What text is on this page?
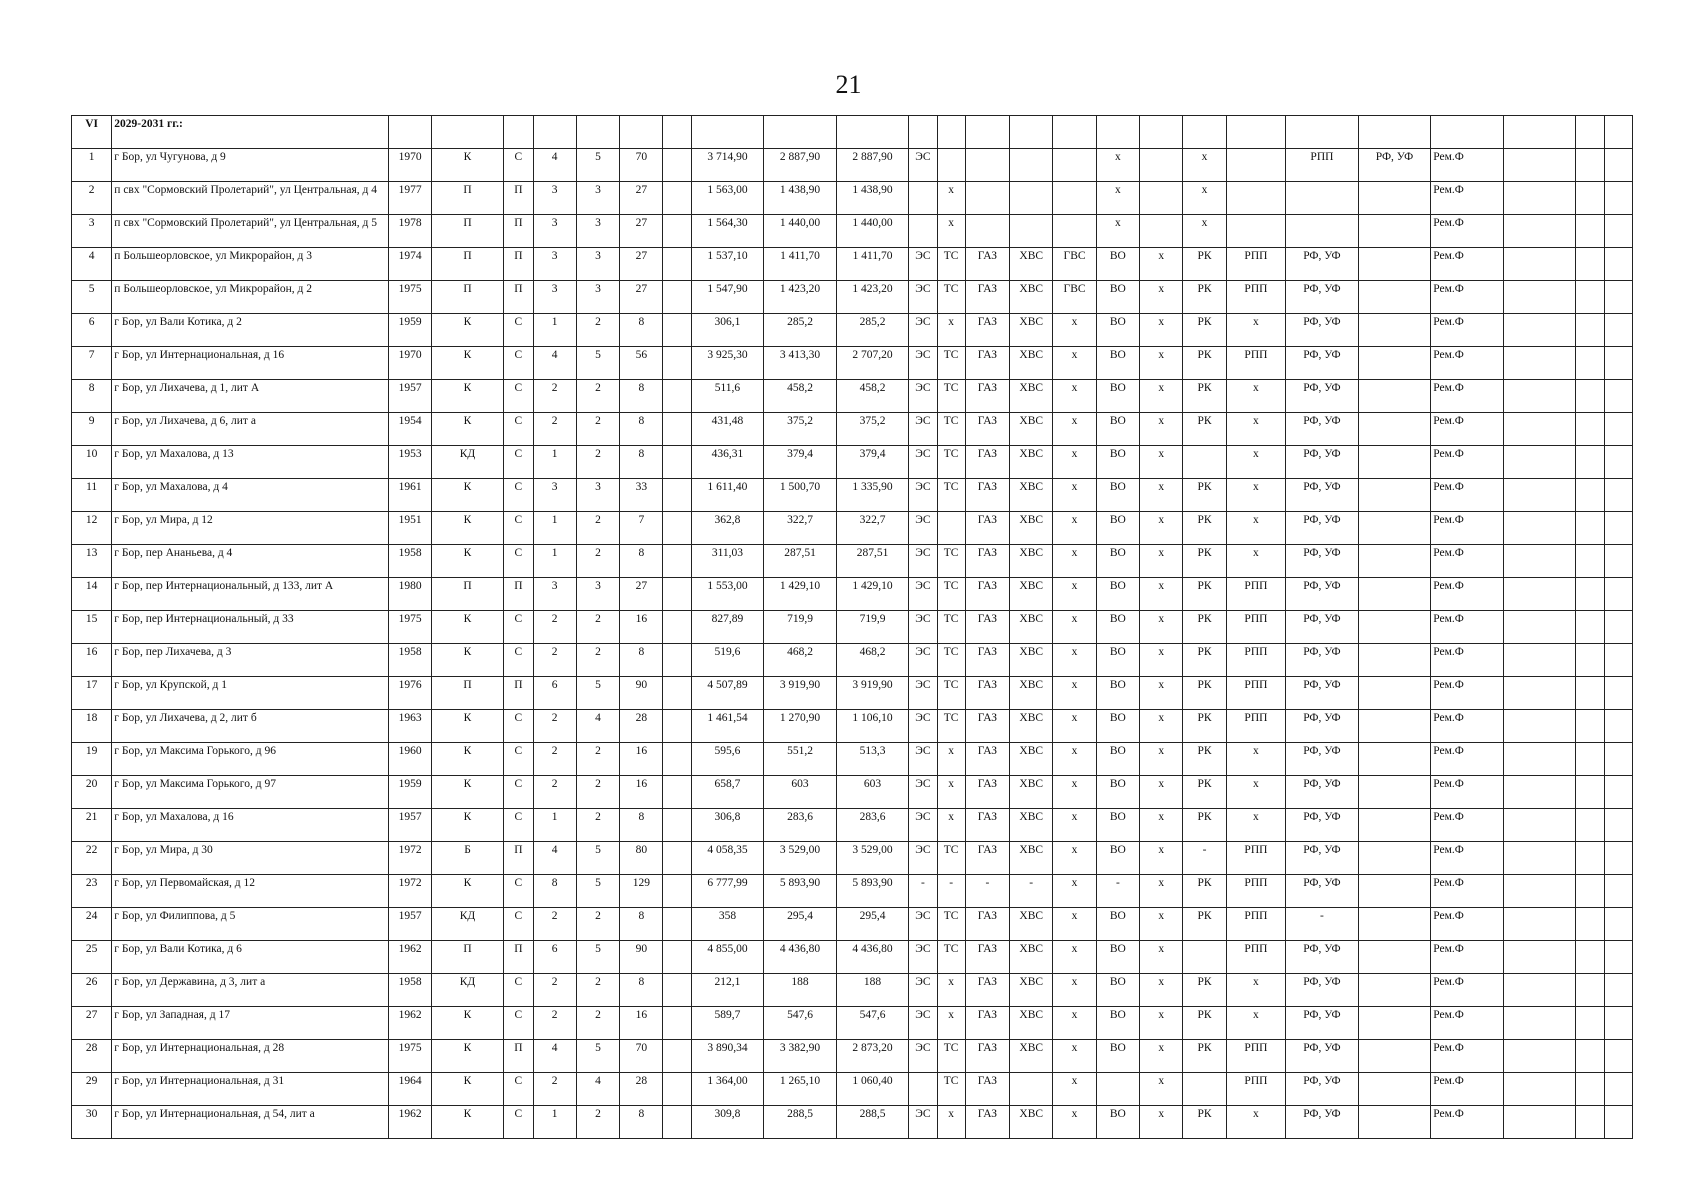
21
VI	2029-2031 гг.:																										
1	г Бор, ул Чугунова, д 9	1970	К	С	4	5	70		3 714,90	2 887,90	2 887,90	ЭС					х		х		РПП	РФ, УФ		Рем.Ф			
2	п свх "Сормовский Пролетарий", ул Центральная, д 4	1977	П	П	3	3	27		1 563,00	1 438,90	1 438,90		х				х		х					Рем.Ф			
3	п свх "Сормовский Пролетарий", ул Центральная, д 5	1978	П	П	3	3	27		1 564,30	1 440,00	1 440,00		х				х		х					Рем.Ф			
4	п Большеорловское, ул Микрорайон, д 3	1974	П	П	3	3	27		1 537,10	1 411,70	1 411,70	ЭС	ТС	ГАЗ	ХВС	ГВС	ВО	х	РК	РПП	РФ, УФ			Рем.Ф			
5	п Большеорловское, ул Микрорайон, д 2	1975	П	П	3	3	27		1 547,90	1 423,20	1 423,20	ЭС	ТС	ГАЗ	ХВС	ГВС	ВО	х	РК	РПП	РФ, УФ			Рем.Ф			
6	г Бор, ул Вали Котика, д 2	1959	К	С	1	2	8		306,1	285,2	285,2	ЭС	х	ГАЗ	ХВС	х	ВО	х	РК	х	РФ, УФ			Рем.Ф			
7	г Бор, ул Интернациональная, д 16	1970	К	С	4	5	56		3 925,30	3 413,30	2 707,20	ЭС	ТС	ГАЗ	ХВС	х	ВО	х	РК	РПП	РФ, УФ			Рем.Ф			
8	г Бор, ул Лихачева, д 1, лит А	1957	К	С	2	2	8		511,6	458,2	458,2	ЭС	ТС	ГАЗ	ХВС	х	ВО	х	РК	х	РФ, УФ			Рем.Ф			
9	г Бор, ул Лихачева, д 6, лит а	1954	К	С	2	2	8		431,48	375,2	375,2	ЭС	ТС	ГАЗ	ХВС	х	ВО	х	РК	х	РФ, УФ			Рем.Ф			
10	г Бор, ул Махалова, д 13	1953	КД	С	1	2	8		436,31	379,4	379,4	ЭС	ТС	ГАЗ	ХВС	х	ВО	х		х	РФ, УФ			Рем.Ф			
11	г Бор, ул Махалова, д 4	1961	К	С	3	3	33		1 611,40	1 500,70	1 335,90	ЭС	ТС	ГАЗ	ХВС	х	ВО	х	РК	х	РФ, УФ			Рем.Ф			
12	г Бор, ул Мира, д 12	1951	К	С	1	2	7		362,8	322,7	322,7	ЭС		ГАЗ	ХВС	х	ВО	х	РК	х	РФ, УФ			Рем.Ф			
13	г Бор, пер Ананьева, д 4	1958	К	С	1	2	8		311,03	287,51	287,51	ЭС	ТС	ГАЗ	ХВС	х	ВО	х	РК	х	РФ, УФ			Рем.Ф			
14	г Бор, пер Интернациональный, д 133, лит А	1980	П	П	3	3	27		1 553,00	1 429,10	1 429,10	ЭС	ТС	ГАЗ	ХВС	х	ВО	х	РК	РПП	РФ, УФ			Рем.Ф			
15	г Бор, пер Интернациональный, д 33	1975	К	С	2	2	16		827,89	719,9	719,9	ЭС	ТС	ГАЗ	ХВС	х	ВО	х	РК	РПП	РФ, УФ			Рем.Ф			
16	г Бор, пер Лихачева, д 3	1958	К	С	2	2	8		519,6	468,2	468,2	ЭС	ТС	ГАЗ	ХВС	х	ВО	х	РК	РПП	РФ, УФ			Рем.Ф			
17	г Бор, ул Крупской, д 1	1976	П	П	6	5	90		4 507,89	3 919,90	3 919,90	ЭС	ТС	ГАЗ	ХВС	х	ВО	х	РК	РПП	РФ, УФ			Рем.Ф			
18	г Бор, ул Лихачева, д 2, лит б	1963	К	С	2	4	28		1 461,54	1 270,90	1 106,10	ЭС	ТС	ГАЗ	ХВС	х	ВО	х	РК	РПП	РФ, УФ			Рем.Ф			
19	г Бор, ул Максима Горького, д 96	1960	К	С	2	2	16		595,6	551,2	513,3	ЭС	х	ГАЗ	ХВС	х	ВО	х	РК	х	РФ, УФ			Рем.Ф			
20	г Бор, ул Максима Горького, д 97	1959	К	С	2	2	16		658,7	603	603	ЭС	х	ГАЗ	ХВС	х	ВО	х	РК	х	РФ, УФ			Рем.Ф			
21	г Бор, ул Махалова, д 16	1957	К	С	1	2	8		306,8	283,6	283,6	ЭС	х	ГАЗ	ХВС	х	ВО	х	РК	х	РФ, УФ			Рем.Ф			
22	г Бор, ул Мира, д 30	1972	Б	П	4	5	80		4 058,35	3 529,00	3 529,00	ЭС	ТС	ГАЗ	ХВС	х	ВО	х	-	РПП	РФ, УФ			Рем.Ф			
23	г Бор, ул Первомайская, д 12	1972	К	С	8	5	129		6 777,99	5 893,90	5 893,90	-	-	-	-	х	-	х	РК	РПП	РФ, УФ			Рем.Ф			
24	г Бор, ул Филиппова, д 5	1957	КД	С	2	2	8		358	295,4	295,4	ЭС	ТС	ГАЗ	ХВС	х	ВО	х	РК	РПП	-			Рем.Ф			
25	г Бор, ул Вали Котика, д 6	1962	П	П	6	5	90		4 855,00	4 436,80	4 436,80	ЭС	ТС	ГАЗ	ХВС	х	ВО	х		РПП	РФ, УФ			Рем.Ф			
26	г Бор, ул Державина, д 3, лит а	1958	КД	С	2	2	8		212,1	188	188	ЭС	х	ГАЗ	ХВС	х	ВО	х	РК	х	РФ, УФ			Рем.Ф			
27	г Бор, ул Западная, д 17	1962	К	С	2	2	16		589,7	547,6	547,6	ЭС	х	ГАЗ	ХВС	х	ВО	х	РК	х	РФ, УФ			Рем.Ф			
28	г Бор, ул Интернациональная, д 28	1975	К	П	4	5	70		3 890,34	3 382,90	2 873,20	ЭС	ТС	ГАЗ	ХВС	х	ВО	х	РК	РПП	РФ, УФ			Рем.Ф			
29	г Бор, ул Интернациональная, д 31	1964	К	С	2	4	28		1 364,00	1 265,10	1 060,40		ТС	ГАЗ		х		х		РПП	РФ, УФ			Рем.Ф			
30	г Бор, ул Интернациональная, д 54, лит а	1962	К	С	1	2	8		309,8	288,5	288,5	ЭС	х	ГАЗ	ХВС	х	ВО	х	РК	х	РФ, УФ			Рем.Ф			
